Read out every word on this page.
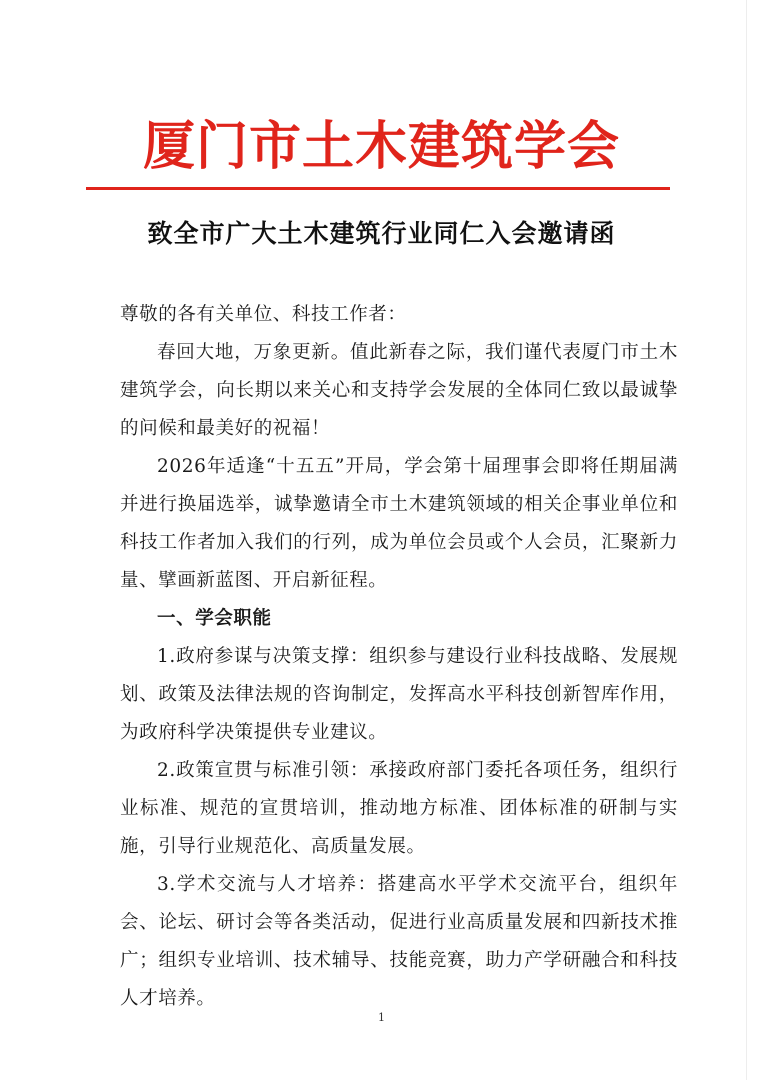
厦门市土木建筑学会
致全市广大土木建筑行业同仁入会邀请函

尊敬的各有关单位、科技工作者：

春回大地，万象更新。值此新春之际，我们谨代表厦门市土木建筑学会，向长期以来关心和支持学会发展的全体同仁致以最诚挚的问候和最美好的祝福！

2026年适逢“十五五”开局，学会第十届理事会即将任期届满并进行换届选举，诚挚邀请全市土木建筑领域的相关企事业单位和科技工作者加入我们的行列，成为单位会员或个人会员，汇聚新力量、擘画新蓝图、开启新征程。

一、学会职能

1.政府参谋与决策支撑：组织参与建设行业科技战略、发展规划、政策及法律法规的咨询制定，发挥高水平科技创新智库作用，为政府科学决策提供专业建议。

2.政策宣贯与标准引领：承接政府部门委托各项任务，组织行业标准、规范的宣贯培训，推动地方标准、团体标准的研制与实施，引导行业规范化、高质量发展。

3.学术交流与人才培养：搭建高水平学术交流平台，组织年会、论坛、研讨会等各类活动，促进行业高质量发展和四新技术推广；组织专业培训、技术辅导、技能竞赛，助力产学研融合和科技人才培养。

1
